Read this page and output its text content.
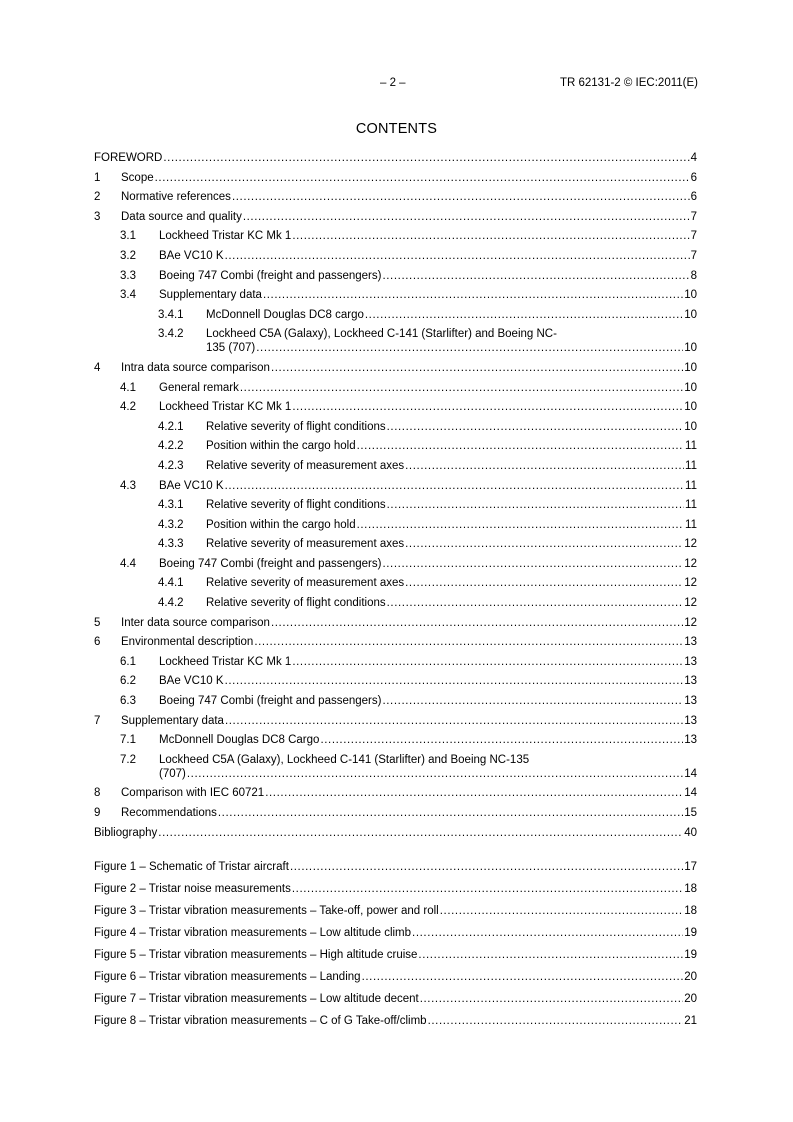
– 2 –	TR 62131-2 © IEC:2011(E)
CONTENTS
FOREWORD .....	4
1	Scope .....	6
2	Normative references .....	6
3	Data source and quality .....	7
3.1	Lockheed Tristar KC Mk 1 .....	7
3.2	BAe VC10 K .....	7
3.3	Boeing 747 Combi (freight and passengers) .....	8
3.4	Supplementary data .....	10
3.4.1	McDonnell Douglas DC8 cargo .....	10
3.4.2	Lockheed C5A (Galaxy), Lockheed C-141 (Starlifter) and Boeing NC-
135 (707) .....	10
4	Intra data source comparison .....	10
4.1	General remark .....	10
4.2	Lockheed Tristar KC Mk 1 .....	10
4.2.1	Relative severity of flight conditions .....	10
4.2.2	Position within the cargo hold .....	11
4.2.3	Relative severity of measurement axes .....	11
4.3	BAe VC10 K .....	11
4.3.1	Relative severity of flight conditions .....	11
4.3.2	Position within the cargo hold .....	11
4.3.3	Relative severity of measurement axes .....	12
4.4	Boeing 747 Combi (freight and passengers) .....	12
4.4.1	Relative severity of measurement axes .....	12
4.4.2	Relative severity of flight conditions .....	12
5	Inter data source comparison .....	12
6	Environmental description .....	13
6.1	Lockheed Tristar KC Mk 1 .....	13
6.2	BAe VC10 K .....	13
6.3	Boeing 747 Combi (freight and passengers) .....	13
7	Supplementary data .....	13
7.1	McDonnell Douglas DC8 Cargo .....	13
7.2	Lockheed C5A (Galaxy), Lockheed C-141 (Starlifter) and Boeing NC-135
(707) .....	14
8	Comparison with IEC 60721 .....	14
9	Recommendations .....	15
Bibliography .....	40
Figure 1 – Schematic of Tristar aircraft .....	17
Figure 2 – Tristar noise measurements .....	18
Figure 3 – Tristar vibration measurements – Take-off, power and roll .....	18
Figure 4 – Tristar vibration measurements – Low altitude climb .....	19
Figure 5 – Tristar vibration measurements – High altitude cruise .....	19
Figure 6 – Tristar vibration measurements – Landing .....	20
Figure 7 – Tristar vibration measurements – Low altitude decent .....	20
Figure 8 – Tristar vibration measurements – C of G Take-off/climb .....	21
